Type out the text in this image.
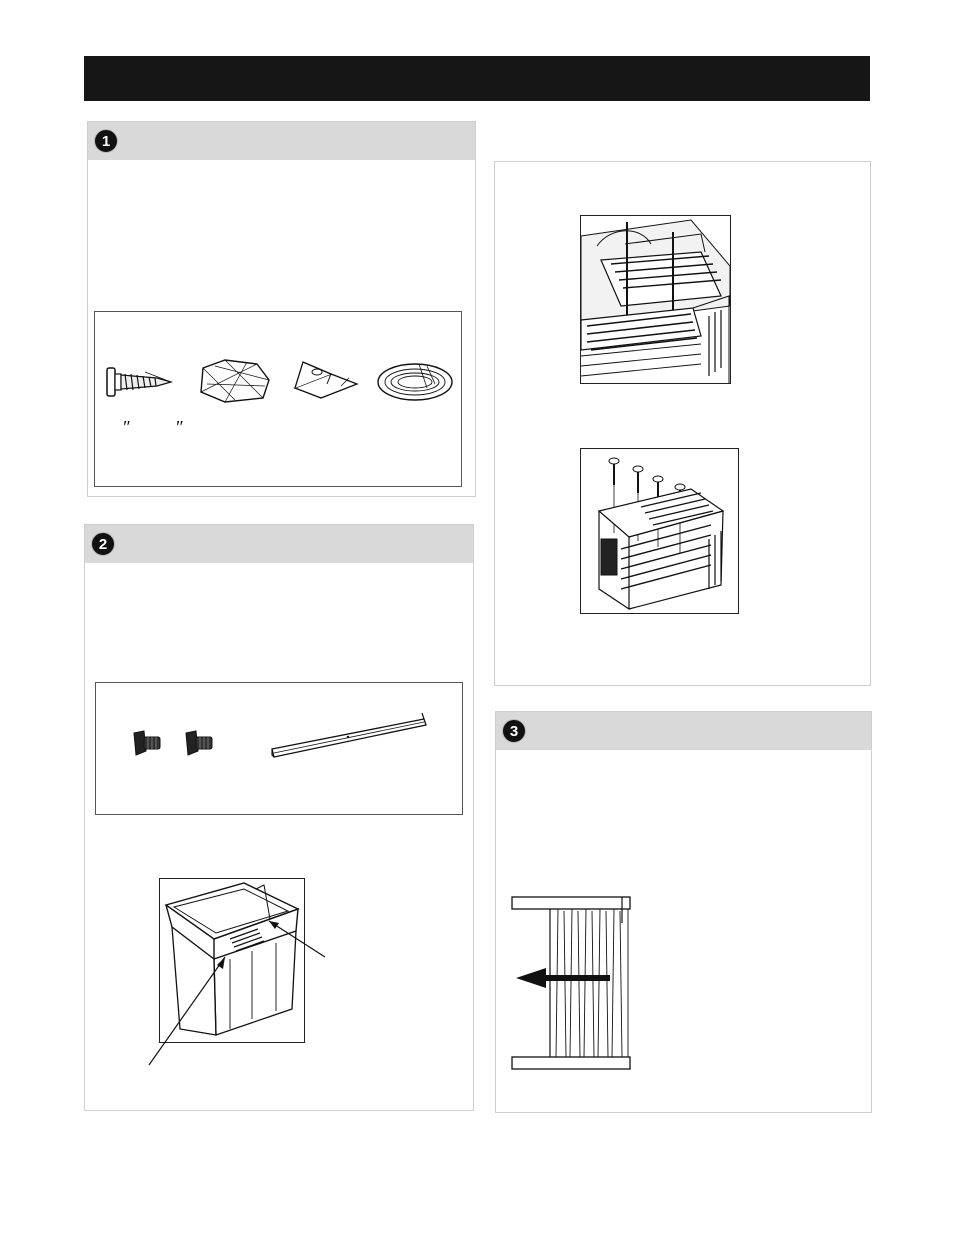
1
″	″
2
3
